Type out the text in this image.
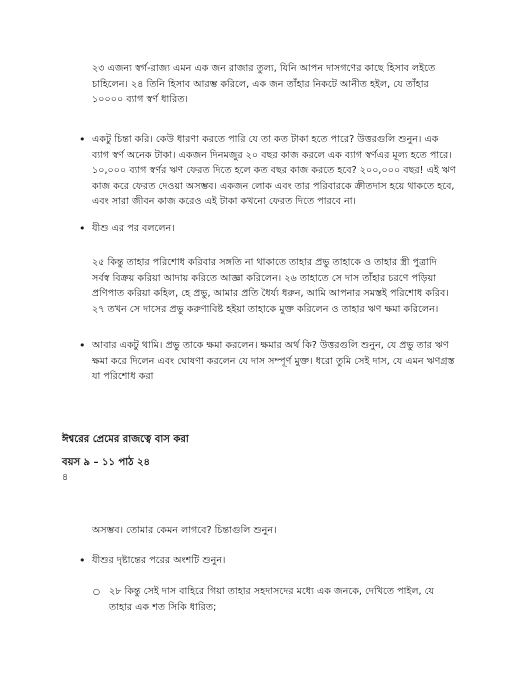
২৩ এজন্য স্বর্গ-রাজ্য এমন এক জন রাজার তুল্য, যিনি আপন দাসগণের কাছে হিসাব লইতে চাহিলেন। ২৪ তিনি হিসাব আরম্ভ করিলে, এক জন তাঁহার নিকটে আনীত হইল, যে তাঁহার ১০০০০ ব্যাগ স্বর্ণ ধারিত।

• একটু চিন্তা করি। কেউ ধারণা করতে পারি যে তা কত টাকা হতে পারে? উত্তরগুলি শুনুন। এক ব্যাগ স্বর্ণ অনেক টাকা। একজন দিনমজুর ২০ বছর কাজ করলে এক ব্যাগ স্বর্ণএর মূল্য হতে পারে। ১০,০০০ ব্যাগ স্বর্ণর ঋণ ফেরত দিতে হলে কত বছর কাজ করতে হবে? ২০০,০০০ বছর! এই ঋণ কাজ করে ফেরত দেওয়া অসম্ভব। একজন লোক এবং তার পরিবারকে ক্রীতদাস হয়ে থাকতে হবে, এবং সারা জীবন কাজ করেও এই টাকা কখনো ফেরত দিতে পারবে না।

• যীশু এর পর বললেন।

২৫ কিন্তু তাহার পরিশোধ করিবার সঙ্গতি না থাকাতে তাহার প্রভু তাহাকে ও তাহার স্ত্রী পুত্রাদি সর্বস্ব বিক্রয় করিয়া আদায় করিতে আজ্ঞা করিলেন। ২৬ তাহাতে সে দাস তাঁহার চরণে পড়িয়া প্রণিপাত করিয়া কহিল, হে প্রভু, আমার প্রতি ধৈর্য্য ধরুন, আমি আপনার সমস্তই পরিশোধ করিব। ২৭ তখন সে দাসের প্রভু করুণাবিষ্ট হইয়া তাহাকে মুক্ত করিলেন ও তাহার ঋণ ক্ষমা করিলেন।

• আবার একটু থামি। প্রভু তাকে ক্ষমা করলেন। ক্ষমার অর্থ কি? উত্তরগুলি শুনুন, যে প্রভু তার ঋণ ক্ষমা করে দিলেন এবং ঘোষণা করলেন যে দাস সম্পূর্ণ মুক্ত। ধরো তুমি সেই দাস, যে এমন ঋণগ্রস্ত যা পরিশোধ করা

ঈশ্বরের প্রেমের রাজত্বে বাস করা

বয়স ৯ – ১১ পাঠ ২৪

৪

অসম্ভব। তোমার কেমন লাগবে? চিন্তাগুলি শুনুন।

• যীশুর দৃষ্টান্তের পরের অংশটি শুনুন।

○ ২৮ কিন্তু সেই দাস বাহিরে গিয়া তাহার সহদাসদের মধ্যে এক জনকে, দেখিতে পাইল, যে তাহার এক শত সিকি ধারিত;
